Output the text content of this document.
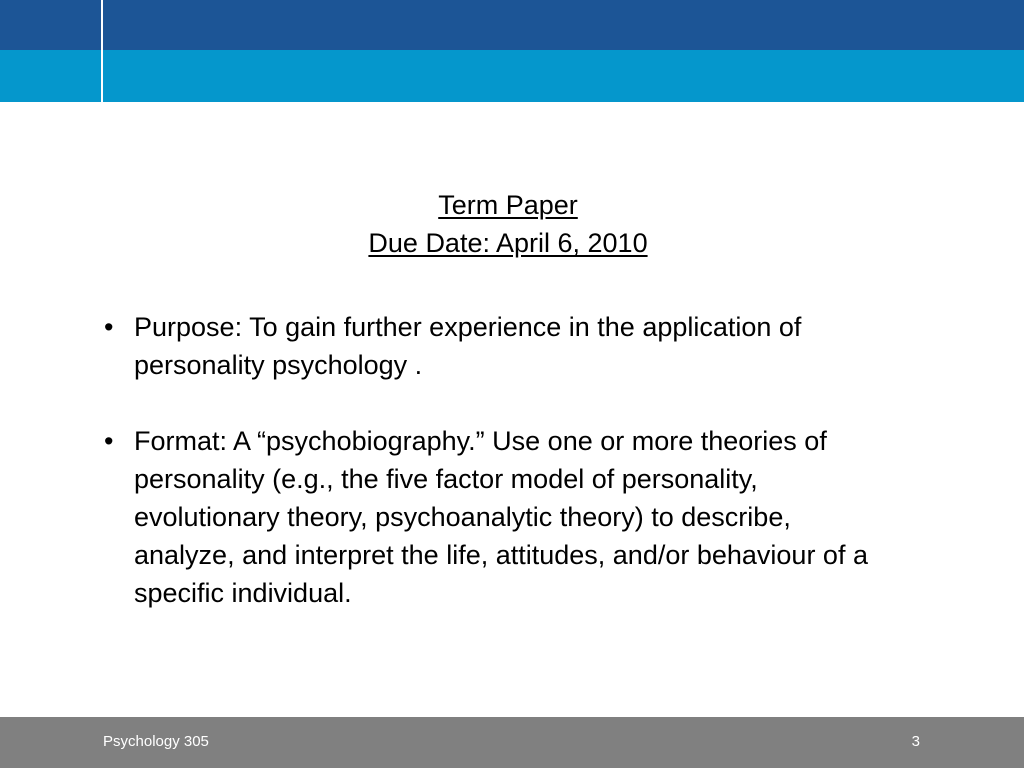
Term Paper
Due Date: April 6, 2010
• Purpose: To gain further experience in the application of personality psychology .
• Format: A “psychobiography.” Use one or more theories of personality (e.g., the five factor model of personality, evolutionary theory, psychoanalytic theory) to describe, analyze, and interpret the life, attitudes, and/or behaviour of a specific individual.
Psychology 305	3
